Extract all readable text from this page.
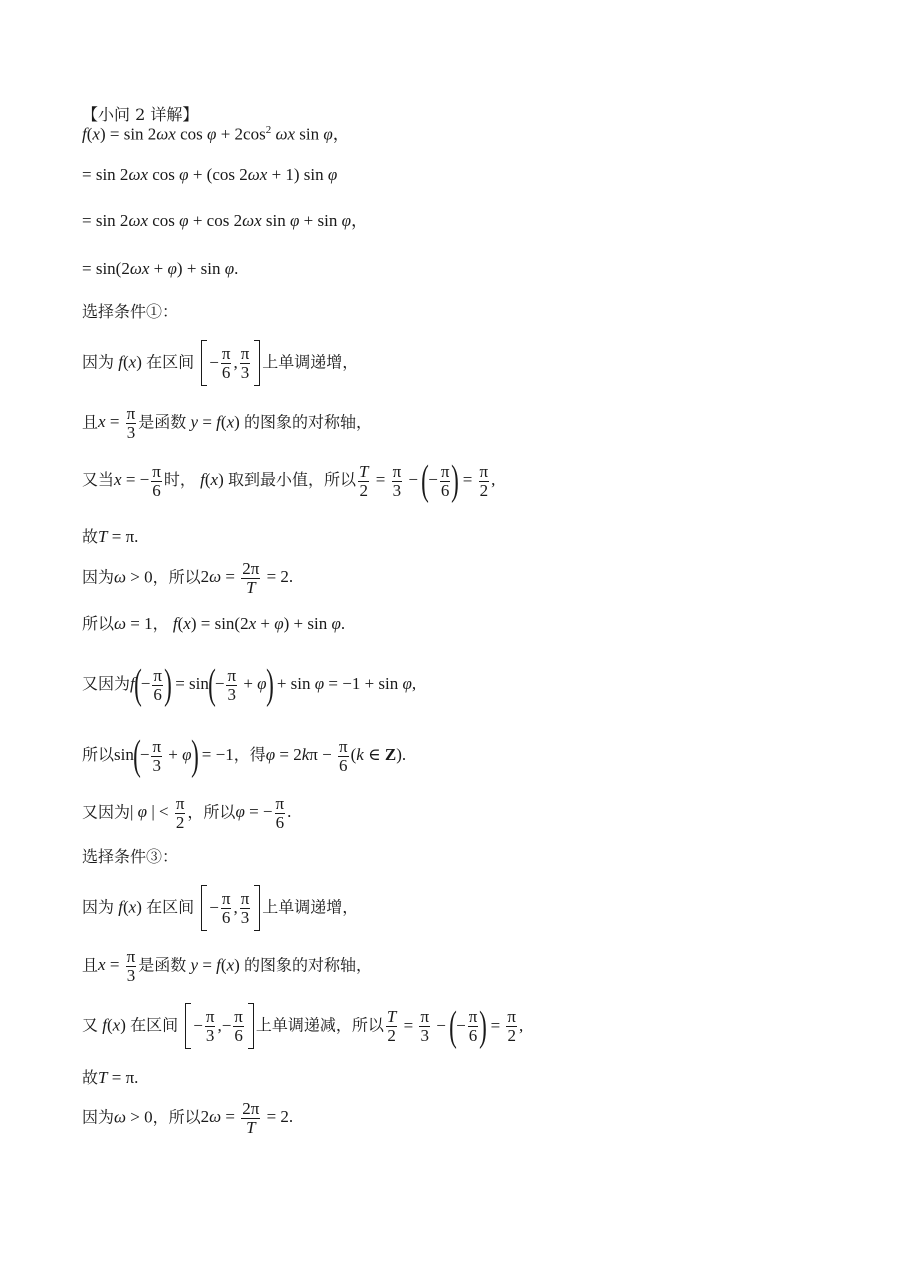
【小问 2 详解】
f(x) = sin 2ωx $\cos \varphi + 2\cos^2$ ωx sin φ，
= sin 2ωx cos φ + (cos 2ωx + 1) sin φ
= sin 2ωx cos φ + cos 2ωx sin φ + sin φ，
= sin(2ωx + φ) + sin φ.
选择条件①：
因为 f(x) 在区间 − $\frac{\pi}{6}$ , $\frac{\pi}{3}$ 上单调递增，
且$x = \frac{\pi}{3}$ 是函数 y = f(x) 的图象的对称轴，
又当x = − $\frac{\pi}{6}$ 时， f(x) 取到最小值，所以 $\frac{T}{2} = \frac{\pi}{3}$ − (− $\frac{\pi}{6}$ ) = $\frac{\pi}{2}$ ,
故T = π.
因为ω > 0，所以$2\omega = \frac{2\pi}{T} = 2$.
所以ω = 1， f(x) = sin(2x + φ) + sin φ.
又因为$f(- \frac{\pi}{6}$ ) = $\sin(- \frac{\pi}{3} + \varphi) + \sin \varphi = -1 + \sin \varphi$,
所以$\sin(- \frac{\pi}{3} + \varphi) = -1$，得$\varphi = 2k\pi - \frac{\pi}{6} (k$ ∈ Z).
又因为| φ | < $\frac{\pi}{2}$ ，所以φ = − $\frac{\pi}{6}$ .
选择条件③：
因为 f(x) 在区间 − $\frac{\pi}{6}$ , $\frac{\pi}{3}$ 上单调递增，
且$x = \frac{\pi}{3}$ 是函数 y = f(x) 的图象的对称轴，
又 f(x) 在区间 − $\frac{\pi}{3}$ ,− $\frac{\pi}{6}$ 上单调递减，所以 $\frac{T}{2} = \frac{\pi}{3}$ − (− $\frac{\pi}{6}$ ) = $\frac{\pi}{2}$ ,
故T = π.
因为ω > 0，所以$2\omega = \frac{2\pi}{T} = 2$.
